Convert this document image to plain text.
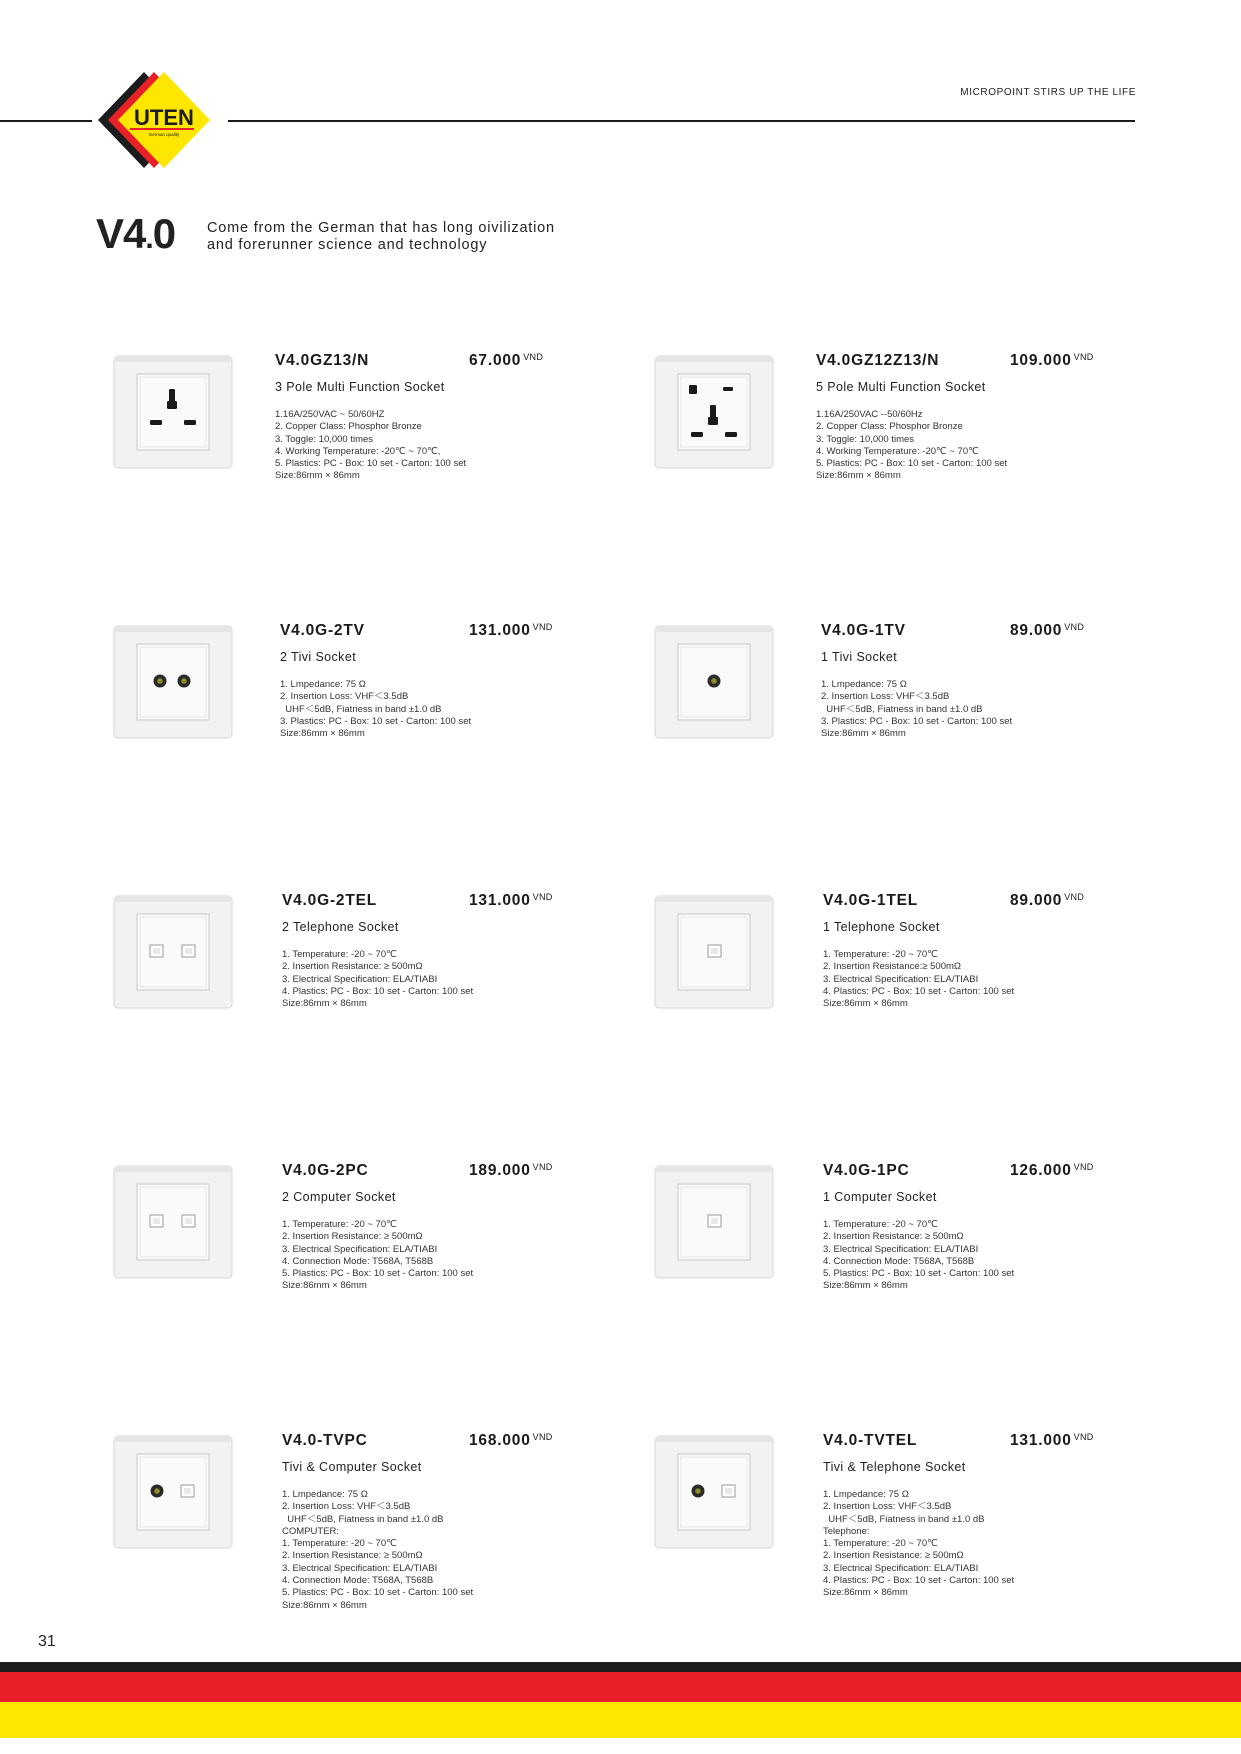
MICROPOINT STIRS UP THE LIFE
UTEN
German quality
V4.0 Come from the German that has long oivilization
and forerunner science and technology
V4.0GZ13/N	67.000 $^{VND}$
3 Pole Multi Function Socket
1.16A/250VAC ~ 50/60HZ
2. Copper Class: Phosphor Bronze
3. Toggle: 10,000 times
4. Working Temperature: -20℃ ~ 70℃,
5. Plastics: PC - Box: 10 set - Carton: 100 set
Size:86mm × 86mm
V4.0GZ12Z13/N	109.000 $^{VND}$
5 Pole Multi Function Socket
1.16A/250VAC --50/60Hz
2. Copper Class: Phosphor Bronze
3. Toggle: 10,000 times
4. Working Temperature: -20℃ ~ 70℃
5. Plastics: PC - Box: 10 set - Carton: 100 set
Size:86mm × 86mm
V4.0G-2TV	131.000 $^{VND}$
2 Tivi Socket
1. Lmpedance: 75 Ω
2. Insertion Loss: VHF＜3.5dB
UHF＜5dB, Fiatness in band ±1.0 dB
3. Plastics: PC - Box: 10 set - Carton: 100 set
Size:86mm × 86mm
V4.0G-1TV	89.000 $^{VND}$
1 Tivi Socket
1. Lmpedance: 75 Ω
2. Insertion Loss: VHF＜3.5dB
UHF＜5dB, Fiatness in band ±1.0 dB
3. Plastics: PC - Box: 10 set - Carton: 100 set
Size:86mm × 86mm
V4.0G-2TEL	131.000 $^{VND}$
2 Telephone Socket
1. Temperature: -20 ~ 70℃
2. Insertion Resistance: ≥ 500mΩ
3. Electrical Specification: ELA/TIABI
4. Plastics: PC - Box: 10 set - Carton: 100 set
Size:86mm × 86mm
V4.0G-1TEL	89.000 $^{VND}$
1 Telephone Socket
1. Temperature: -20 ~ 70℃
2. Insertion Resistance:≥ 500mΩ
3. Electrical Specification: ELA/TIABI
4. Plastics: PC - Box: 10 set - Carton: 100 set
Size:86mm × 86mm
V4.0G-2PC	189.000 $^{VND}$
2 Computer Socket
1. Temperature: -20 ~ 70℃
2. Insertion Resistance: ≥ 500mΩ
3. Electrical Specification: ELA/TIABI
4. Connection Mode: T568A, T568B
5. Plastics: PC - Box: 10 set - Carton: 100 set
Size:86mm × 86mm
V4.0G-1PC	126.000 $^{VND}$
1 Computer Socket
1. Temperature: -20 ~ 70℃
2. Insertion Resistance: ≥ 500mΩ
3. Electrical Specification: ELA/TIABI
4. Connection Mode: T568A, T568B
5. Plastics: PC - Box: 10 set - Carton: 100 set
Size:86mm × 86mm
V4.0-TVPC	168.000 $^{VND}$
Tivi & Computer Socket
1. Lmpedance: 75 Ω
2. Insertion Loss: VHF＜3.5dB
UHF＜5dB, Fiatness in band ±1.0 dB
COMPUTER:
1. Temperature: -20 ~ 70℃
2. Insertion Resistance: ≥ 500mΩ
3. Electrical Specification: ELA/TIABI
4. Connection Mode: T568A, T568B
5. Plastics: PC - Box: 10 set - Carton: 100 set
Size:86mm × 86mm
V4.0-TVTEL	131.000 $^{VND}$
Tivi & Telephone Socket
1. Lmpedance: 75 Ω
2. Insertion Loss: VHF＜3.5dB
UHF＜5dB, Fiatness in band ±1.0 dB
Telephone:
1. Temperature: -20 ~ 70℃
2. Insertion Resistance: ≥ 500mΩ
3. Electrical Specification: ELA/TIABI
4. Plastics: PC - Box: 10 set - Carton: 100 set
Size:86mm × 86mm
31
